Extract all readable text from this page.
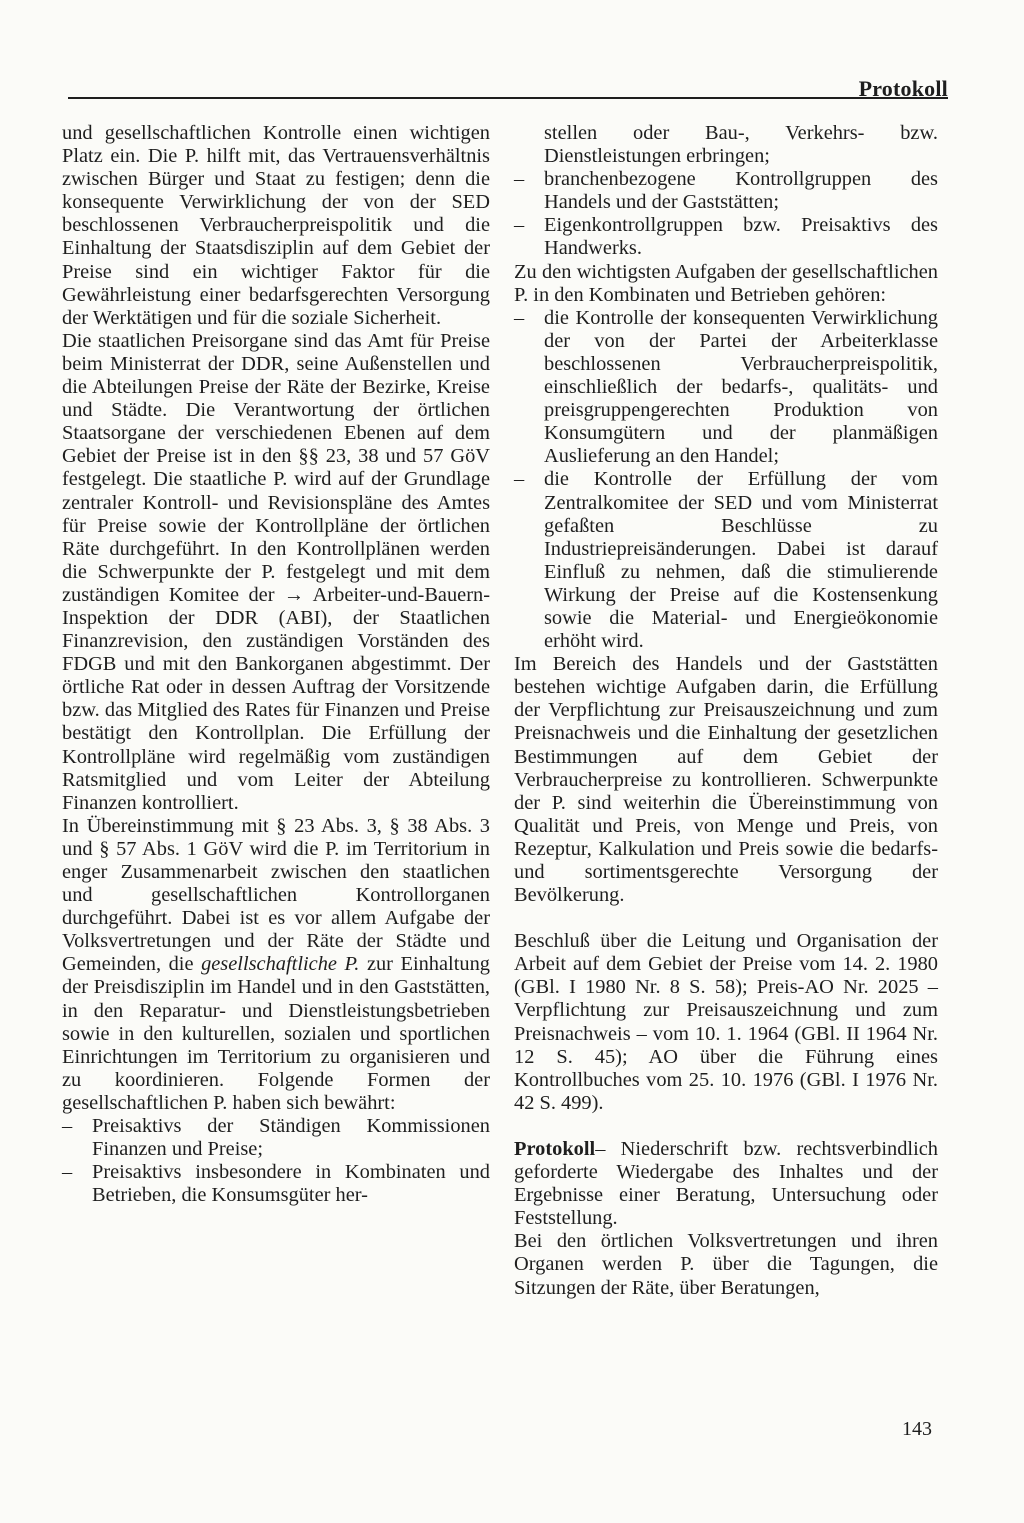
Protokoll

und gesellschaftlichen Kontrolle einen wichtigen Platz ein. Die P. hilft mit, das Vertrauensverhältnis zwischen Bürger und Staat zu festigen; denn die konsequente Verwirklichung der von der SED beschlossenen Verbraucherpreispolitik und die Einhaltung der Staatsdisziplin auf dem Gebiet der Preise sind ein wichtiger Faktor für die Gewährleistung einer bedarfsgerechten Versorgung der Werktätigen und für die soziale Sicherheit.

Die staatlichen Preisorgane sind das Amt für Preise beim Ministerrat der DDR, seine Außenstellen und die Abteilungen Preise der Räte der Bezirke, Kreise und Städte. Die Verantwortung der örtlichen Staatsorgane der verschiedenen Ebenen auf dem Gebiet der Preise ist in den §§ 23, 38 und 57 GöV festgelegt. Die staatliche P. wird auf der Grundlage zentraler Kontroll- und Revisionspläne des Amtes für Preise sowie der Kontrollpläne der örtlichen Räte durchgeführt. In den Kontrollplänen werden die Schwerpunkte der P. festgelegt und mit dem zuständigen Komitee der → Arbeiter-und-Bauern-Inspektion der DDR (ABI), der Staatlichen Finanzrevision, den zuständigen Vorständen des FDGB und mit den Bankorganen abgestimmt. Der örtliche Rat oder in dessen Auftrag der Vorsitzende bzw. das Mitglied des Rates für Finanzen und Preise bestätigt den Kontrollplan. Die Erfüllung der Kontrollpläne wird regelmäßig vom zuständigen Ratsmitglied und vom Leiter der Abteilung Finanzen kontrolliert.

In Übereinstimmung mit § 23 Abs. 3, § 38 Abs. 3 und § 57 Abs. 1 GöV wird die P. im Territorium in enger Zusammenarbeit zwischen den staatlichen und gesellschaftlichen Kontrollorganen durchgeführt. Dabei ist es vor allem Aufgabe der Volksvertretungen und der Räte der Städte und Gemeinden, die gesellschaftliche P. zur Einhaltung der Preisdisziplin im Handel und in den Gaststätten, in den Reparatur- und Dienstleistungsbetrieben sowie in den kulturellen, sozialen und sportlichen Einrichtungen im Territorium zu organisieren und zu koordinieren. Folgende Formen der gesellschaftlichen P. haben sich bewährt:

– Preisaktivs der Ständigen Kommissionen Finanzen und Preise;
– Preisaktivs insbesondere in Kombinaten und Betrieben, die Konsumsgüter her-

stellen oder Bau-, Verkehrs- bzw. Dienstleistungen erbringen;

– branchenbezogene Kontrollgruppen des Handels und der Gaststätten;
– Eigenkontrollgruppen bzw. Preisaktivs des Handwerks.

Zu den wichtigsten Aufgaben der gesellschaftlichen P. in den Kombinaten und Betrieben gehören:

– die Kontrolle der konsequenten Verwirklichung der von der Partei der Arbeiterklasse beschlossenen Verbraucherpreispolitik, einschließlich der bedarfs-, qualitäts- und preisgruppengerechten Produktion von Konsumgütern und der planmäßigen Auslieferung an den Handel;
– die Kontrolle der Erfüllung der vom Zentralkomitee der SED und vom Ministerrat gefaßten Beschlüsse zu Industriepreisänderungen. Dabei ist darauf Einfluß zu nehmen, daß die stimulierende Wirkung der Preise auf die Kostensenkung sowie die Material- und Energieökonomie erhöht wird.

Im Bereich des Handels und der Gaststätten bestehen wichtige Aufgaben darin, die Erfüllung der Verpflichtung zur Preisauszeichnung und zum Preisnachweis und die Einhaltung der gesetzlichen Bestimmungen auf dem Gebiet der Verbraucherpreise zu kontrollieren. Schwerpunkte der P. sind weiterhin die Übereinstimmung von Qualität und Preis, von Menge und Preis, von Rezeptur, Kalkulation und Preis sowie die bedarfs- und sortimentsgerechte Versorgung der Bevölkerung.

Beschluß über die Leitung und Organisation der Arbeit auf dem Gebiet der Preise vom 14. 2. 1980 (GBl. I 1980 Nr. 8 S. 58); Preis-AO Nr. 2025 – Verpflichtung zur Preisauszeichnung und zum Preisnachweis – vom 10. 1. 1964 (GBl. II 1964 Nr. 12 S. 45); AO über die Führung eines Kontrollbuches vom 25. 10. 1976 (GBl. I 1976 Nr. 42 S. 499).

Protokoll– Niederschrift bzw. rechtsverbindlich geforderte Wiedergabe des Inhaltes und der Ergebnisse einer Beratung, Untersuchung oder Feststellung.

Bei den örtlichen Volksvertretungen und ihren Organen werden P. über die Tagungen, die Sitzungen der Räte, über Beratungen,

143
